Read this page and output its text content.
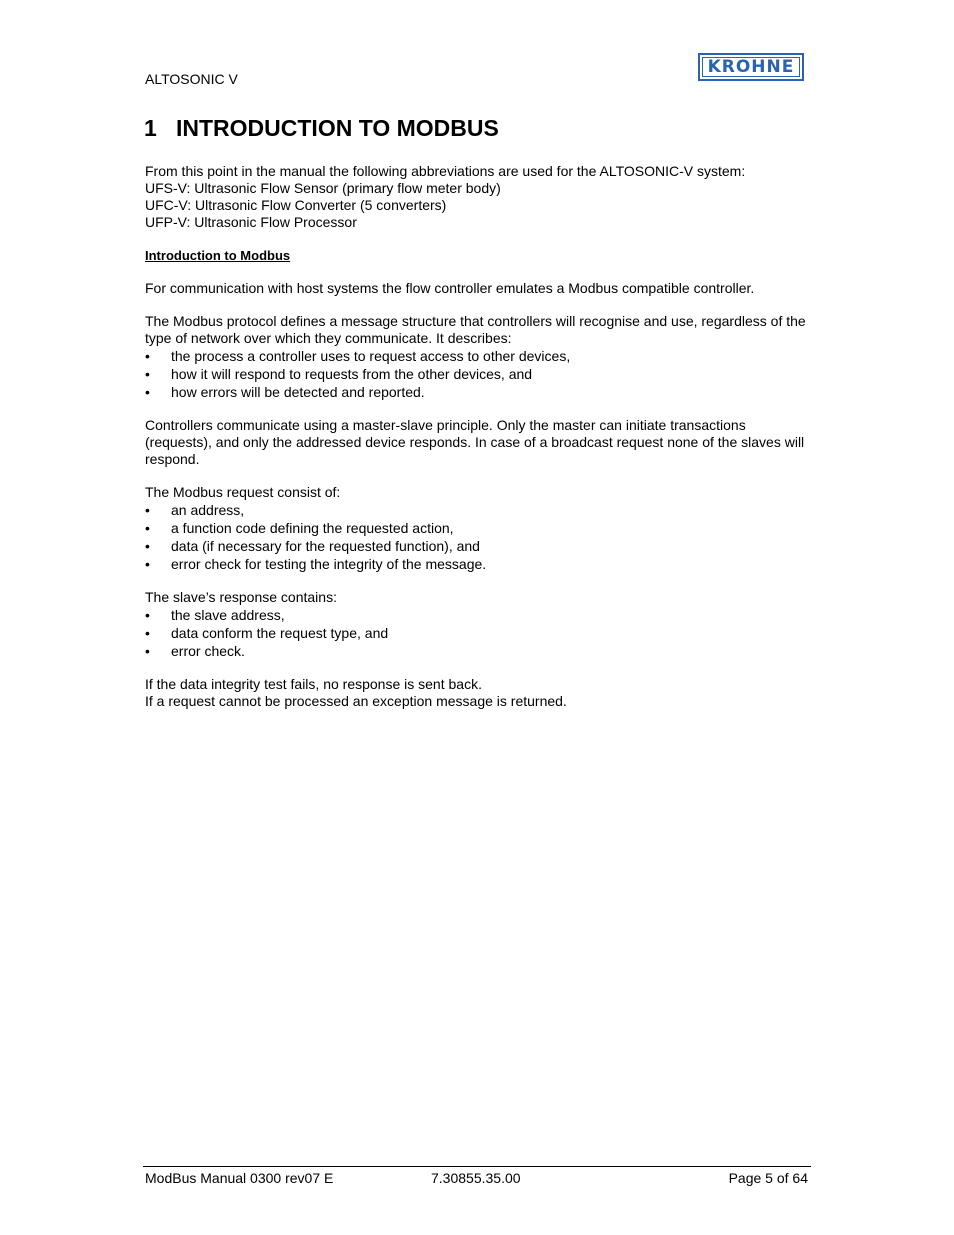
ALTOSONIC V
KROHNE
1 INTRODUCTION TO MODBUS

From this point in the manual the following abbreviations are used for the ALTOSONIC-V system:

UFS-V: Ultrasonic Flow Sensor (primary flow meter body)

UFC-V: Ultrasonic Flow Converter (5 converters)

UFP-V: Ultrasonic Flow Processor

Introduction to Modbus

For communication with host systems the flow controller emulates a Modbus compatible controller.

The Modbus protocol defines a message structure that controllers will recognise and use, regardless of the type of network over which they communicate. It describes:

• the process a controller uses to request access to other devices,
• how it will respond to requests from the other devices, and
• how errors will be detected and reported.

Controllers communicate using a master-slave principle. Only the master can initiate transactions (requests), and only the addressed device responds. In case of a broadcast request none of the slaves will respond.

The Modbus request consist of:

• an address,
• a function code defining the requested action,
• data (if necessary for the requested function), and
• error check for testing the integrity of the message.

The slave’s response contains:

• the slave address,
• data conform the request type, and
• error check.

If the data integrity test fails, no response is sent back.

If a request cannot be processed an exception message is returned.

ModBus Manual 0300 rev07 E	7.30855.35.00	Page 5 of 64
